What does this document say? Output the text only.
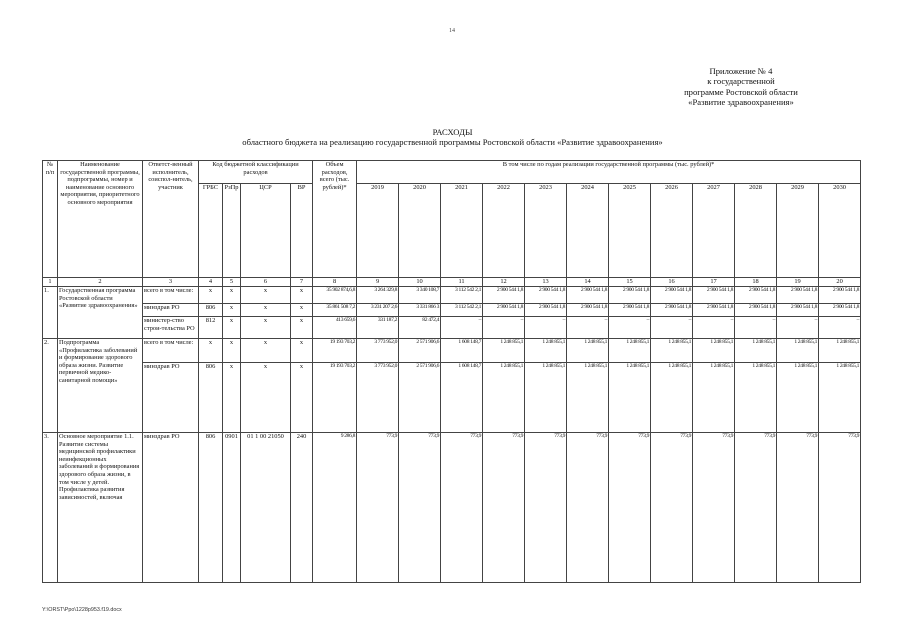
14
Приложение № 4
к государственной
программе Ростовской области
«Развитие здравоохранения»
РАСХОДЫ
областного бюджета на реализацию государственной программы Ростовской области «Развитие здравоохранения»
№ п/п	Наименование государственной программы, подпрограммы, номер и наименование основного мероприятия, приоритетного основного мероприятия	Ответст-венный исполнитель, соиспол-нитель, участник	Код бюджетной классификации расходов				Объем расходов, всего (тыс. рублей)*	В том числе по годам реализации государственной программы (тыс. рублей)*											
			ГРБС	РзПр	ЦСР	ВР		2019	2020	2021	2022	2023	2024	2025	2026	2027	2028	2029	2030
1	2	3	4	5	6	7	8	9	10	11	12	13	14	15	16	17	18	19	20
1.	Государственная программа Ростовской области «Развитие здравоохранения»	всего в том числе:	x	x	x	x	35 902 874,6,8	3 264 329,8	3 340 108,7	3 112 542 2,1	2 900 544 1,8	2 900 544 1,8	2 900 544 1,8	2 900 544 1,8	2 900 544 1,8	2 900 544 1,8	2 900 544 1,8	2 900 544 1,8	2 900 544 1,8
		минздрав РО	806	x	x	x	35 861 508 7,2	3 231 207 2,6	3 331 866 3	3 112 542 2,1	2 900 544 1,8	2 900 544 1,8	2 900 544 1,8	2 900 544 1,8	2 900 544 1,8	2 900 544 1,8	2 900 544 1,8	2 900 544 1,8	2 900 544 1,8
		министер-ство строи-тельства РО	812	x	x	x	413 659,6	331 187,2	82 472,4	–	–	–	–	–	–	–	–	–	–
2.	Подпрограмма «Профилактика заболеваний и формирование здорового образа жизни. Развитие первичной медико-санитарной помощи»	всего в том числе:	x	x	x	x	19 193 703,2	3 773 952,0	2 571 906,6	1 608 148,7	1 248 855,1	1 248 855,1	1 248 855,1	1 248 855,1	1 248 855,1	1 248 855,1	1 248 855,1	1 248 855,1	1 248 855,1
		минздрав РО	806	x	x	x	19 193 703,2	3 773 952,0	2 571 906,6	1 608 148,7	1 248 855,1	1 248 855,1	1 248 855,1	1 248 855,1	1 248 855,1	1 248 855,1	1 248 855,1	1 248 855,1	1 248 855,1
3.	Основное мероприятие 1.1. Развитие системы медицинской профилактики неинфекционных заболеваний и формирования здорового образа жизни, в том числе у детей. Профилактика развития зависимостей, включая	минздрав РО	806	0901	01 1 00 21050	240	9 286,8	773,9	773,9	773,9	773,9	773,9	773,9	773,9	773,9	773,9	773,9	773,9	773,9
Y:\ORST\Ppo\1228p953.f19.docx
